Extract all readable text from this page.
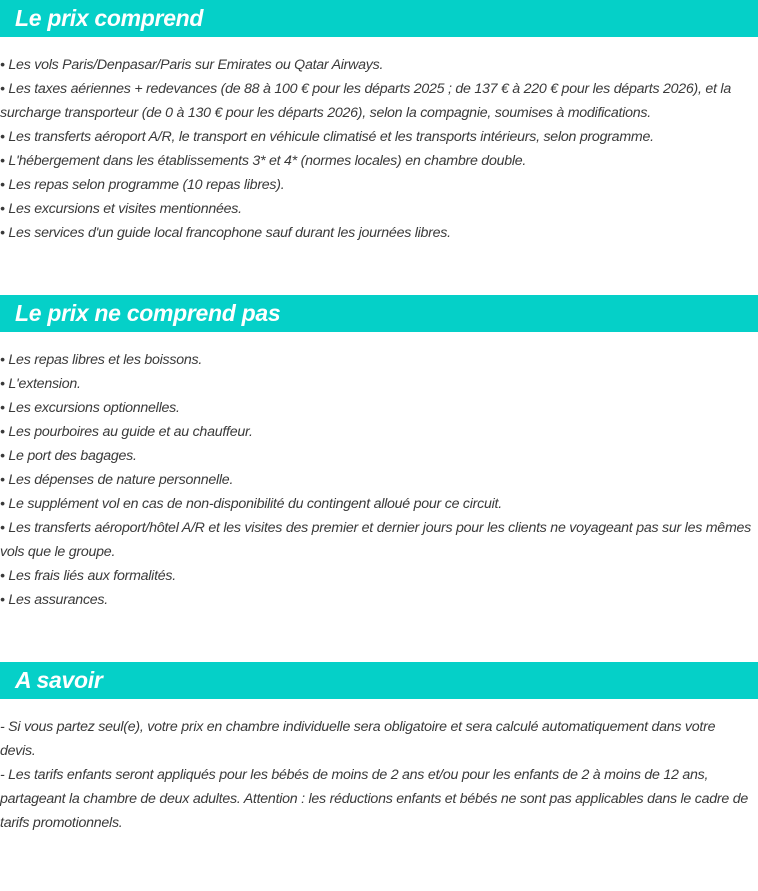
Le prix comprend
• Les vols Paris/Denpasar/Paris sur Emirates ou Qatar Airways.
• Les taxes aériennes + redevances (de 88 à 100 € pour les départs 2025 ; de 137 € à 220 € pour les départs 2026), et la surcharge transporteur (de 0 à 130 € pour les départs 2026), selon la compagnie, soumises à modifications.
• Les transferts aéroport A/R, le transport en véhicule climatisé et les transports intérieurs, selon programme.
• L'hébergement dans les établissements 3* et 4* (normes locales) en chambre double.
• Les repas selon programme (10 repas libres).
• Les excursions et visites mentionnées.
• Les services d'un guide local francophone sauf durant les journées libres.
Le prix ne comprend pas
• Les repas libres et les boissons.
• L'extension.
• Les excursions optionnelles.
• Les pourboires au guide et au chauffeur.
• Le port des bagages.
• Les dépenses de nature personnelle.
• Le supplément vol en cas de non-disponibilité du contingent alloué pour ce circuit.
• Les transferts aéroport/hôtel A/R et les visites des premier et dernier jours pour les clients ne voyageant pas sur les mêmes vols que le groupe.
• Les frais liés aux formalités.
• Les assurances.
A savoir
- Si vous partez seul(e), votre prix en chambre individuelle sera obligatoire et sera calculé automatiquement dans votre devis.
- Les tarifs enfants seront appliqués pour les bébés de moins de 2 ans et/ou pour les enfants de 2 à moins de 12 ans, partageant la chambre de deux adultes. Attention : les réductions enfants et bébés ne sont pas applicables dans le cadre de tarifs promotionnels.
